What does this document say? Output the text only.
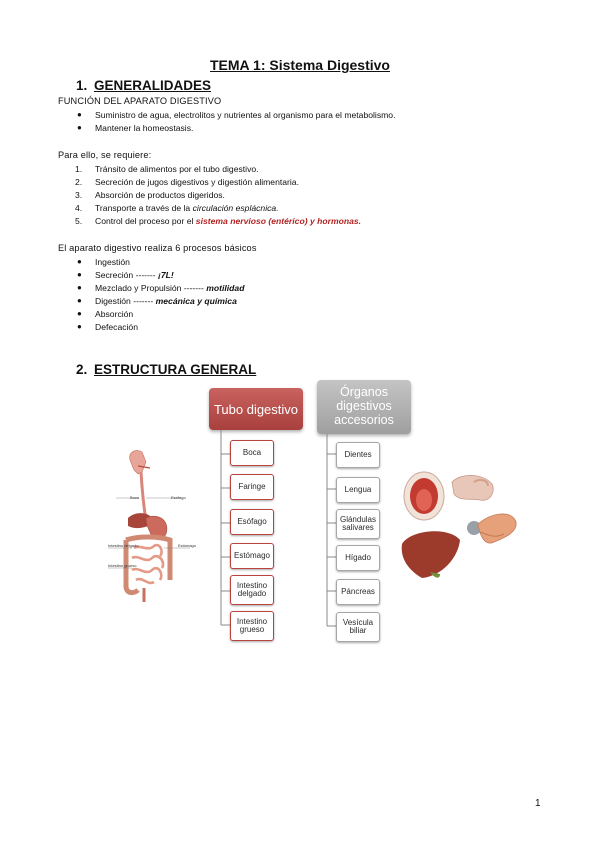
TEMA 1: Sistema Digestivo
1. GENERALIDADES
FUNCIÓN DEL APARATO DIGESTIVO
● Suministro de agua, electrolitos y nutrientes al organismo para el metabolismo.
● Mantener la homeostasis.
Para ello, se requiere:
1. Tránsito de alimentos por el tubo digestivo.
2. Secreción de jugos digestivos y digestión alimentaria.
3. Absorción de productos digeridos.
4. Transporte a través de la circulación esplácnica.
5. Control del proceso por el sistema nervioso (entérico) y hormonas.
El aparato digestivo realiza 6 procesos básicos
● Ingestión
● Secreción ------- ¡7L!
● Mezclado y Propulsión ------- motilidad
● Digestión ------- mecánica y química
● Absorción
● Defecación
2. ESTRUCTURA GENERAL
Boca	Esófago
Intestino delgado	Estómago
Intestino grueso
Tubo digestivo
Boca
Faringe
Esófago
Estómago
Intestino delgado
Intestino grueso
Órganos digestivos accesorios
Dientes
Lengua
Glándulas salivares
Hígado
Páncreas
Vesícula biliar
1
